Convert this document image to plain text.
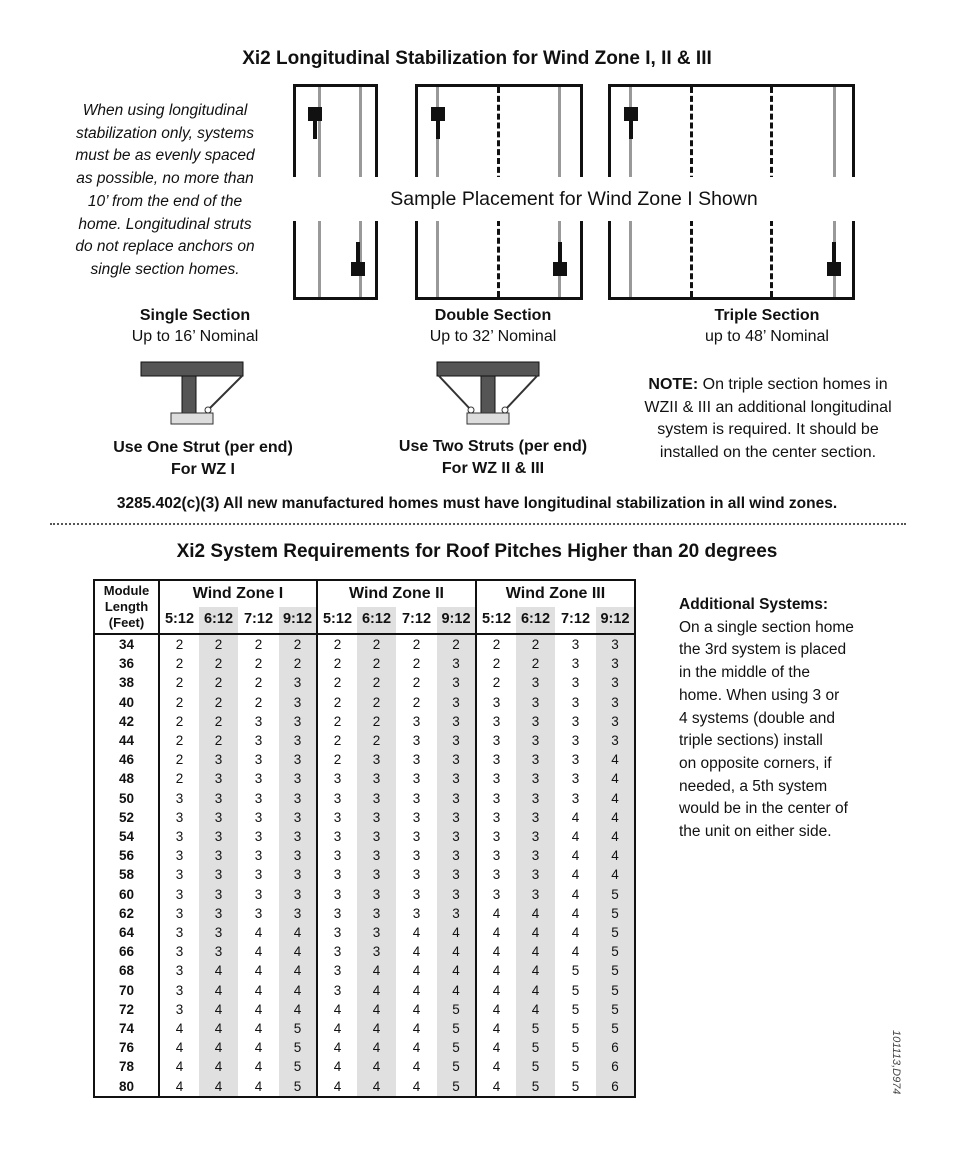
Xi2 Longitudinal Stabilization for Wind Zone I, II & III
When using longitudinal
stabilization only, systems
must be as evenly spaced
as possible, no more than
10’ from the end of the
home. Longitudinal struts
do not replace anchors on
single section homes.
Sample Placement for Wind Zone I Shown
Single Section
Up to 16’ Nominal
Double Section
Up to 32’ Nominal
Triple Section
up to 48’ Nominal
Use One Strut (per end)
For WZ I
Use Two Struts (per end)
For WZ II & III
NOTE: On triple section homes in
WZII & III an additional longitudinal
system is required. It should be
installed on the center section.
3285.402(c)(3) All new manufactured homes must have longitudinal stabilization in all wind zones.
Xi2 System Requirements for Roof Pitches Higher than 20 degrees
Module
Length
(Feet)	Wind Zone I				Wind Zone II				Wind Zone III			
	5:12	6:12	7:12	9:12	5:12	6:12	7:12	9:12	5:12	6:12	7:12	9:12
34	2	2	2	2	2	2	2	2	2	2	3	3
36	2	2	2	2	2	2	2	3	2	2	3	3
38	2	2	2	3	2	2	2	3	2	3	3	3
40	2	2	2	3	2	2	2	3	3	3	3	3
42	2	2	3	3	2	2	3	3	3	3	3	3
44	2	2	3	3	2	2	3	3	3	3	3	3
46	2	3	3	3	2	3	3	3	3	3	3	4
48	2	3	3	3	3	3	3	3	3	3	3	4
50	3	3	3	3	3	3	3	3	3	3	3	4
52	3	3	3	3	3	3	3	3	3	3	4	4
54	3	3	3	3	3	3	3	3	3	3	4	4
56	3	3	3	3	3	3	3	3	3	3	4	4
58	3	3	3	3	3	3	3	3	3	3	4	4
60	3	3	3	3	3	3	3	3	3	3	4	5
62	3	3	3	3	3	3	3	3	4	4	4	5
64	3	3	4	4	3	3	4	4	4	4	4	5
66	3	3	4	4	3	3	4	4	4	4	4	5
68	3	4	4	4	3	4	4	4	4	4	5	5
70	3	4	4	4	3	4	4	4	4	4	5	5
72	3	4	4	4	4	4	4	5	4	4	5	5
74	4	4	4	5	4	4	4	5	4	5	5	5
76	4	4	4	5	4	4	4	5	4	5	5	6
78	4	4	4	5	4	4	4	5	4	5	5	6
80	4	4	4	5	4	4	4	5	4	5	5	6
Additional Systems:
On a single section home
the 3rd system is placed
in the middle of the
home. When using 3 or
4 systems (double and
triple sections) install
on opposite corners, if
needed, a 5th system
would be in the center of
the unit on either side.
101113,D974
